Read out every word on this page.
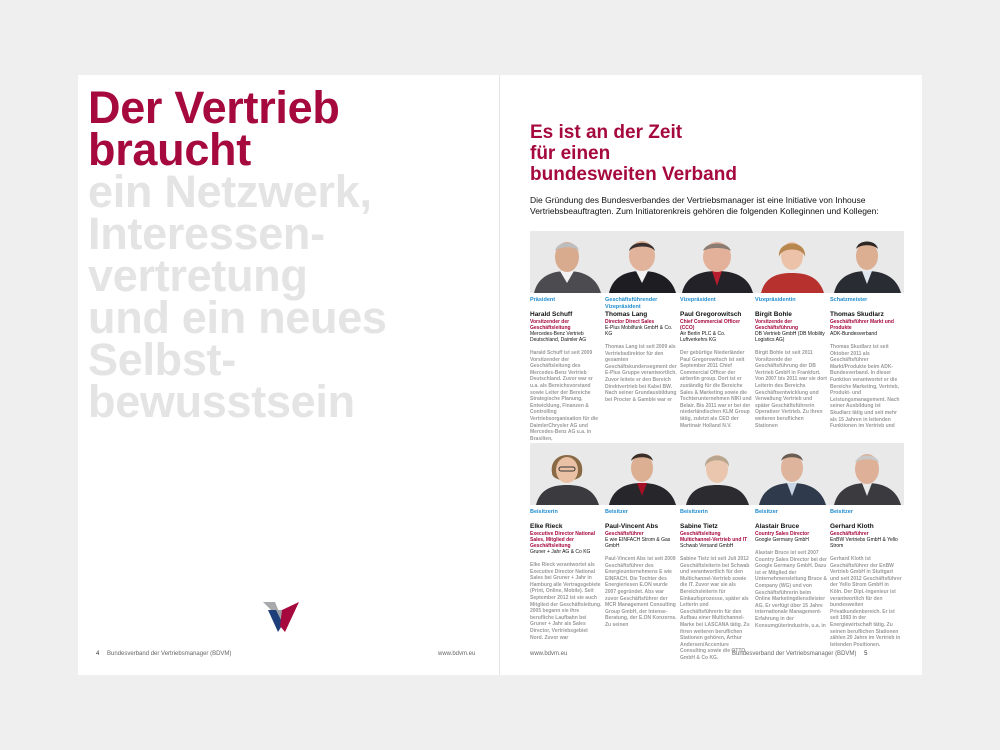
Der Vertrieb
braucht
ein Netzwerk,
Interessen-
vertretung
und ein neues
Selbst-
bewusstsein
4 Bundesverband der Vertriebsmanager (BDVM)	www.bdvm.eu
Es ist an der Zeit
für einen
bundesweiten Verband

Die Gründung des Bundesverbandes der Vertriebsmanager ist eine Initiative von Inhouse Vertriebsbeauftragten. Zum Initiatorenkreis gehören die folgenden Kolleginnen und Kollegen:

Präsident
Harald Schuff
Vorsitzender der Geschäftsleitung
Mercedes-Benz Vertrieb Deutschland, Daimler AG
Harald Schuff ist seit 2009 Vorsitzender der Geschäftsleitung des Mercedes-Benz Vertrieb Deutschland. Zuvor war er u.a. als Bereichsvorstand sowie Leiter der Bereiche Strategische Planung, Entwicklung, Finanzen & Controlling Vertriebsorganisation für die DaimlerChrysler AG und Mercedes-Benz AG u.a. in Brasilien,
Geschäftsführender Vizepräsident
Thomas Lang
Director Direct Sales
E-Plus Mobilfunk GmbH & Co. KG
Thomas Lang ist seit 2009 als Vertriebsdirektor für den gesamten Geschäftskundensegment der E-Plus Gruppe verantwortlich. Zuvor leitete er den Bereich Direktvertrieb bei Kabel BW. Nach seiner Grundausbildung bei Procter & Gamble war er
Vizepräsident
Paul Gregorowitsch
Chief Commercial Officer (CCO)
Air Berlin PLC & Co. Luftverkehrs KG
Der gebürtige Niederländer Paul Gregorowitsch ist seit September 2011 Chief Commercial Officer der airberlin group. Dort ist er zuständig für die Bereiche Sales & Marketing sowie die Tochterunternehmen NIKI und Belair. Bis 2011 war er bei der niederländischen KLM Group tätig, zuletzt als CEO der Martinair Holland N.V.
Vizepräsidentin
Birgit Bohle
Vorsitzende der Geschäftsführung
DB Vertrieb GmbH (DB Mobility Logistics AG)
Birgit Bohle ist seit 2011 Vorsitzende der Geschäftsführung der DB Vertrieb GmbH in Frankfurt. Von 2007 bis 2011 war sie dort Leiterin des Bereichs Geschäftsentwicklung und Verwaltung Vertrieb und später Geschäftsführerin Operativer Vertrieb. Zu ihren weiteren beruflichen Stationen
Schatzmeister
Thomas Skudlarz
Geschäftsführer Markt und Produkte
ADK-Bundesverband
Thomas Skudlarz ist seit Oktober 2011 als Geschäftsführer Markt/Produkte beim ADK-Bundesverband. In dieser Funktion verantwortet er die Bereiche Marketing, Vertrieb, Produkt- und Leistungsmanagement. Nach seiner Ausbildung ist Skudlarz tätig und seit mehr als 15 Jahren in leitenden Funktionen im Vertrieb und
Beisitzerin
Elke Rieck
Executive Director National Sales, Mitglied der Geschäftsleitung
Gruner + Jahr AG & Co KG
Elke Rieck verantwortet als Executive Director National Sales bei Gruner + Jahr in Hamburg alle Vertragsgebiete (Print, Online, Mobile). Seit September 2012 ist sie auch Mitglied der Geschäftsleitung. 2005 begann sie ihre berufliche Laufbahn bei Gruner + Jahr als Sales Director, Vertriebsgebiet Nord. Zuvor war
Beisitzer
Paul-Vincent Abs
Geschäftsführer
E wie EINFACH Strom & Gas GmbH
Paul-Vincent Abs ist seit 2009 Geschäftsführer des Energieunternehmens E wie EINFACH. Die Tochter des Energieriesen E.ON wurde 2007 gegründet. Abs war zuvor Geschäftsführer der MCR Management Consulting Group GmbH, der Intense-Beratung, der E.ON Konzerns. Zu seinen
Beisitzerin
Sabine Tietz
Geschäftsleitung Multichannel-Vertrieb und IT
Schwab Versand GmbH
Sabine Tietz ist seit Juli 2012 Geschäftsleiterin bei Schwab und verantwortlich für den Multichannel-Vertrieb sowie die IT. Zuvor war sie als Bereichsleiterin für Einkaufsprozesse, später als Leiterin und Geschäftsführerin für den Aufbau einer Multichannel-Marke bei LASCANA tätig. Zu ihren weiteren beruflichen Stationen gehören, Arthur Andersen/Accenture Consulting sowie die OTTO GmbH & Co KG.
Beisitzer
Alastair Bruce
Country Sales Director
Google Germany GmbH
Alastair Bruce ist seit 2007 Country Sales Director bei der Google Germany GmbH. Dazu ist er Mitglied der Unternehmensleitung Bruce & Company (WG) und von Geschäftsführerin beim Online Marketingdienstleister AG. Er verfügt über 15 Jahre internationale Management-Erfahrung in der Konsumgüterindustrie, u.a. in
Beisitzer
Gerhard Kloth
Geschäftsführer
EnBW Vertriebs GmbH & Yello Strom
Gerhard Kloth ist Geschäftsführer der EnBW Vertrieb GmbH in Stuttgart und seit 2012 Geschäftsführer der Yello Strom GmbH in Köln. Der Dipl.-Ingenieur ist verantwortlich für den bundesweiten Privatkundenbereich. Er ist seit 1993 in der Energiewirtschaft tätig. Zu seinen beruflichen Stationen zählen 20 Jahre im Vertrieb in leitenden Positionen.
www.bdvm.eu	Bundesverband der Vertriebsmanager (BDVM) 5
